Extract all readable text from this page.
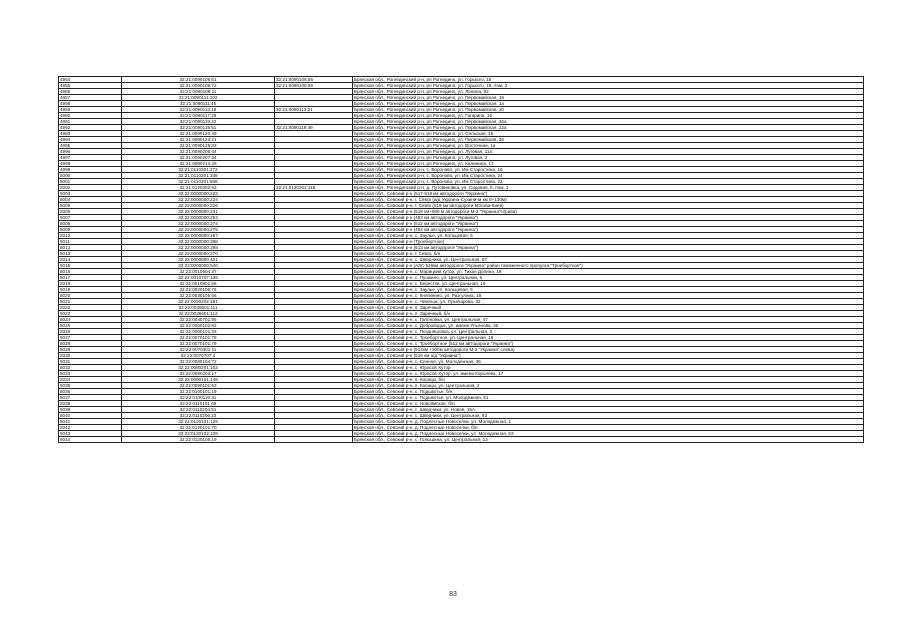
4954	32:21:0090106:61	32:21:0090106:56	Брянская обл., Рогнединский р-н, рп Рогнедино, ул. Горького, 15
4955	32:21:0090106:72	32:21:0090106:55	Брянская обл., Рогнединский р-н, рп Рогнедино, ул. Горького, 15, пом. 3
4956	32:21:0090108:11		Брянская обл., Рогнединский р-н, рп Рогнедино, ул. Ленина, 82
4957	32:21:0090111:102		Брянская обл., Рогнединский р-н, рп Рогнедино, ул. Первомайская, 18
4958	32:21:0090111:45		Брянская обл., Рогнединский р-н, рп Рогнедино, ул. Первомайская, 1а
4959	32:21:0090113:18	32:21:0090113:21	Брянская обл., Рогнединский р-н, рп Рогнедино, ул. Первомайская, 10
4990	32:21:0090117:25		Брянская обл., Рогнединский р-н, рп Рогнедино, ул. Гагарина, 15
4991	32:21:0090119:42		Брянская обл., Рогнединский р-н, рп Рогнедино, ул. Первомайская, 26а
4992	32:21:0090119:51	32:21:0090119:49	Брянская обл., Рогнединский р-н, рп Рогнедино, ул. Первомайская, 22а
4993	32:21:0090120:49		Брянская обл., Рогнединский р-н, рп Рогнедино, ул. Сельская, 15
4994	32:21:0090123:21		Брянская обл., Рогнединский р-н, рп Рогнедино, ул. Первомайская, 36
4995	32:21:0090125:33		Брянская обл., Рогнединский р-н, рп Рогнедино, ул. Восточная, 1а
4996	32:21:0090206:44		Брянская обл., Рогнединский р-н, рп Рогнедино, ул. Луговая, 11а
4997	32:21:0090207:34		Брянская обл., Рогнединский р-н, рп Рогнедино, ул. Луговая, 2
4998	32:21:0090214:28		Брянская обл., Рогнединский р-н, рп Рогнедино, ул. Калинина, 17
4999	32:21:0110301:272		Брянская обл., Рогнединский р-н, с. Вороново, ул. Им Старостина, 18
5000	32:21:0110301:349		Брянская обл., Рогнединский р-н, с. Вороново, ул. Им Старостина, 24
5001	32:21:0110301:556		Брянская обл., Рогнединский р-н, с. Вороново, ул. Им Старостина, 23
5002	32:21:0120202:53	32:21:0120202:118	Брянская обл., Рогнединский р-н, д. Лутовиновка, ул. Садовая, 8, пом. 1
5003	32:22:0000000:223		Брянская обл., Севский р-н (517-518 км автодороги "Украина")
5004	32:22:0000000:224		Брянская обл., Севский р-н, г. Севск (а/д Украина-Сухиничи км 0+130м)
5005	32:22:0000000:226		Брянская обл., Севский р-н, г. Севск (519 км автодороги Москва-Киев)
5006	32:22:0000000:231		Брянская обл., Севский р-н (515 км+900 м автодороги М-3 "Украина"справа)
5007	32:22:0000000:253		Брянская обл., Севский р-н (483 км автодороги "Украина")
5008	32:22:0000000:274		Брянская обл., Севский р-н (512 км автодороги "Украина")
5009	32:22:0000000:275		Брянская обл., Севский р-н (484 км автодороги "Украина")
5010	32:22:0000000:287		Брянская обл., Севский р-н, с. Заулье, ул. Кольцевая, 5
5011	32:22:0000000:288		Брянская обл., Севский р-н (Троебортное)
5012	32:22:0000000:289		Брянская обл., Севский р-н (513 км автодороги "Украина")
5013	32:22:0000000:270		Брянская обл., Севский р-н, г. Севск, б/н
5014	32:22:0000000:421		Брянская обл., Севский р-н, с. Шведчики, ул. Центральная, 87
5015	32:22:0000000:540		Брянская обл., Севский р-н (АЗС 516км автодороги "Украина" район таможенного пропуска "Троебортное")
5016	32:22:0010604:37		Брянская обл., Севский р-н, с. Марицкий хутор, ул. Тихая Долина, 19
5017	32:22:0010707:136		Брянская обл., Севский р-н, с. Пушкино, ул. Центральная, 6
5018	32:22:0010801:56		Брянская обл., Севский р-н, с. Берестки, ул. Центральная, 16
5019	32:22:0020106:76		Брянская обл., Севский р-н, с. Заулье, ул. Кольцевая, 5
5020	32:22:0030105:66		Брянская обл., Севский р-н, с. Княгинино, ул. Разгулина, 18
5021	32:22:0030202:181		Брянская обл., Севский р-н, с. Чемлыж, ул. Луначарова, 32
5022	32:22:0036601:111		Брянская обл., Севский р-н, п. Заречный
5023	32:22:0036601:112		Брянская обл., Севский р-н, п. Заречный, б/н
5024	32:22:0040701:95		Брянская обл., Севский р-н, с. Гапоновка, ул. Центральная, 47
5025	32:22:0050102:82		Брянская обл., Севский р-н, с. Доброводье, ул. имени Ульянова, 35
5026	32:22:0060101:33		Брянская обл., Севский р-н, с. Поздняшовка, ул. Центральная, 3
5027	32:22:0070101:78		Брянская обл., Севский р-н, с. Троебортное, ул. Центральная, 18
5028	32:22:0070101:79		Брянская обл., Севский р-н, с. Троебортное (512 км автодороги "Украина")
5029	32:22:0070301:11		Брянская обл., Севский р-н (514км +300м автодороги М-3 "Украина" слева)
5030	32:22:0070707:4		Брянская обл., Севский р-н (516 км а/д "Украина")
5031	32:22:0080104:72		Брянская обл., Севский р-н, с. Сенное, ул. Молодежная, 36
5032	32:22:0080201:102		Брянская обл., Севский р-н, с. Юрасов Хутор
5033	32:22:0080202:17		Брянская обл., Севский р-н, с. Юрасов Хутор, ул. имени Королева, 17
5034	32:22:0090101:148		Брянская обл., Севский р-н, п. Косицы, б/н
5035	32:22:0090101:53		Брянская обл., Севский р-н, п. Косицы, ул. Центральная, 2
5036	32:22:0100101:19		Брянская обл., Севский р-н, с. Подывотье, б/н
5037	32:22:0100116:31		Брянская обл., Севский р-н, с. Подывотье, ул. Молодежная, 51
5038	32:22:0110101:69		Брянская обл., Севский р-н, с. Новоямское, б/н
5039	32:22:0110204:51		Брянская обл., Севский р-н, с. Шведчики, ул. Новая, 15А
5040	32:22:0110206:23		Брянская обл., Севский р-н, с. Шведчики, ул. Центральная, 93
5041	32:22:0120101:129		Брянская обл., Севский р-н, д. Подлесные Новоселки, ул. Молодежная, 1
5042	32:22:0120101:70		Брянская обл., Севский р-н, д. Подлесные Новоселки, б/н
5043	32:22:0120102:109		Брянская обл., Севский р-н, д. Подлесные Новоселки, ул. Молодежная, 53
5044	32:22:0120106:19		Брянская обл., Севский р-н, с. Голышина, ул. Центральная, 13
83
